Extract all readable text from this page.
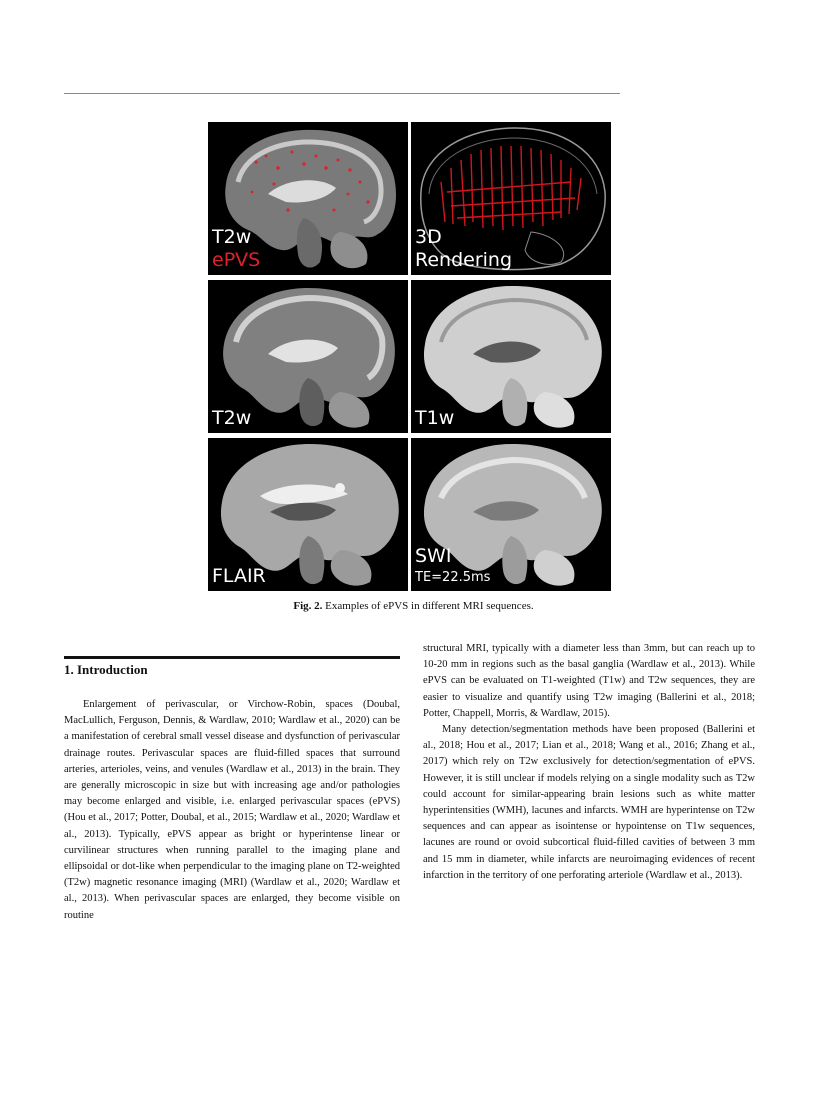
T2w
ePVS
3D
Rendering
T2w	T1w
FLAIR
SWI
TE=22.5ms
Fig. 2. Examples of ePVS in different MRI sequences.
1. Introduction

Enlargement of perivascular, or Virchow-Robin, spaces (Doubal, MacLullich, Ferguson, Dennis, & Wardlaw, 2010; Wardlaw et al., 2020) can be a manifestation of cerebral small vessel disease and dysfunction of perivascular drainage routes. Perivascular spaces are fluid-filled spaces that surround arteries, arterioles, veins, and venules (Wardlaw et al., 2013) in the brain. They are generally microscopic in size but with increasing age and/or pathologies may become enlarged and visible, i.e. enlarged perivascular spaces (ePVS) (Hou et al., 2017; Potter, Doubal, et al., 2015; Wardlaw et al., 2020; Wardlaw et al., 2013). Typically, ePVS appear as bright or hyperintense linear or curvilinear structures when running parallel to the imaging plane and ellipsoidal or dot-like when perpendicular to the imaging plane on T2-weighted (T2w) magnetic resonance imaging (MRI) (Wardlaw et al., 2020; Wardlaw et al., 2013). When perivascular spaces are enlarged, they become visible on routine

structural MRI, typically with a diameter less than 3mm, but can reach up to 10-20 mm in regions such as the basal ganglia (Wardlaw et al., 2013). While ePVS can be evaluated on T1-weighted (T1w) and T2w sequences, they are easier to visualize and quantify using T2w imaging (Ballerini et al., 2018; Potter, Chappell, Morris, & Wardlaw, 2015).

Many detection/segmentation methods have been proposed (Ballerini et al., 2018; Hou et al., 2017; Lian et al., 2018; Wang et al., 2016; Zhang et al., 2017) which rely on T2w exclusively for detection/segmentation of ePVS. However, it is still unclear if models relying on a single modality such as T2w could account for similar-appearing brain lesions such as white matter hyperintensities (WMH), lacunes and infarcts. WMH are hyperintense on T2w sequences and can appear as isointense or hypointense on T1w sequences, lacunes are round or ovoid subcortical fluid-filled cavities of between 3 mm and 15 mm in diameter, while infarcts are neuroimaging evidences of recent infarction in the territory of one perforating arteriole (Wardlaw et al., 2013).
